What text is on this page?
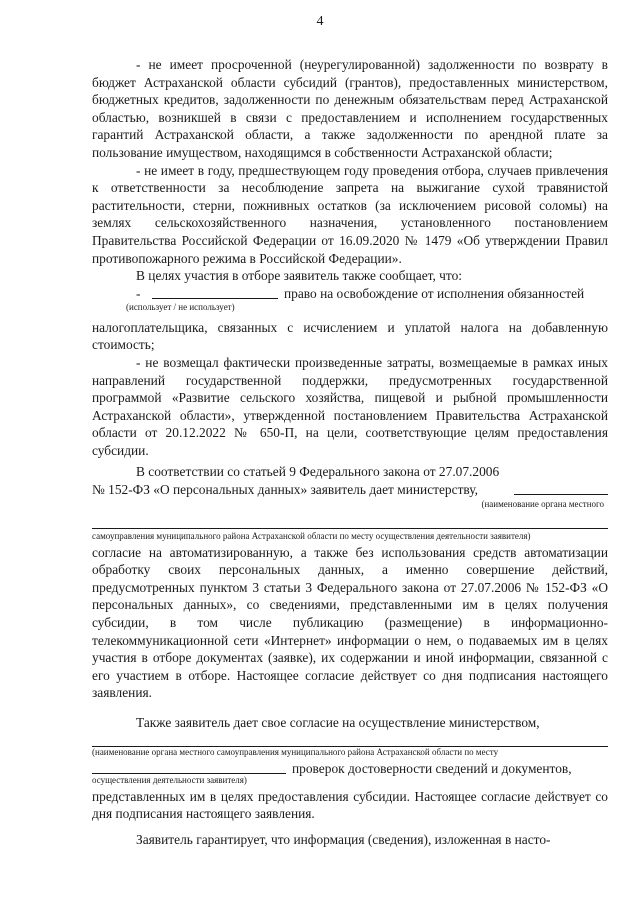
4

- не имеет просроченной (неурегулированной) задолженности по возврату в бюджет Астраханской области субсидий (грантов), предоставленных министерством, бюджетных кредитов, задолженности по денежным обязательствам перед Астраханской областью, возникшей в связи с предоставлением и исполнением государственных гарантий Астраханской области, а также задолженности по арендной плате за пользование имуществом, находящимся в собственности Астраханской области;

- не имеет в году, предшествующем году проведения отбора, случаев привлечения к ответственности за несоблюдение запрета на выжигание сухой травянистой растительности, стерни, пожнивных остатков (за исключением рисовой соломы) на землях сельскохозяйственного назначения, установленного постановлением Правительства Российской Федерации от 16.09.2020 № 1479 «Об утверждении Правил противопожарного режима в Российской Федерации».

В целях участия в отборе заявитель также сообщает, что:

-	право на освобождение от исполнения обязанностей
(использует / не использует)

налогоплательщика, связанных с исчислением и уплатой налога на добавленную стоимость;

- не возмещал фактически произведенные затраты, возмещаемые в рамках иных направлений государственной поддержки, предусмотренных государственной программой «Развитие сельского хозяйства, пищевой и рыбной промышленности Астраханской области», утвержденной постановлением Правительства Астраханской области от 20.12.2022 № 650-П, на цели, соответствующие целям предоставления субсидии.

В соответствии со статьей 9 Федерального закона от 27.07.2006 № 152-ФЗ «О персональных данных» заявитель дает министерству,

(наименование органа местного
самоуправления муниципального района Астраханской области по месту осуществления деятельности заявителя)

согласие на автоматизированную, а также без использования средств автоматизации обработку своих персональных данных, а именно совершение действий, предусмотренных пунктом 3 статьи 3 Федерального закона от 27.07.2006 № 152-ФЗ «О персональных данных», со сведениями, представленными им в целях получения субсидии, в том числе публикацию (размещение) в информационно-телекоммуникационной сети «Интернет» информации о нем, о подаваемых им в целях участия в отборе документах (заявке), их содержании и иной информации, связанной с его участием в отборе. Настоящее согласие действует со дня подписания настоящего заявления.

Также заявитель дает свое согласие на осуществление министерством,

(наименование органа местного самоуправления муниципального района Астраханской области по месту
проверок достоверности сведений и документов,
осуществления деятельности заявителя)

представленных им в целях предоставления субсидии. Настоящее согласие действует со дня подписания настоящего заявления.

Заявитель гарантирует, что информация (сведения), изложенная в насто-
